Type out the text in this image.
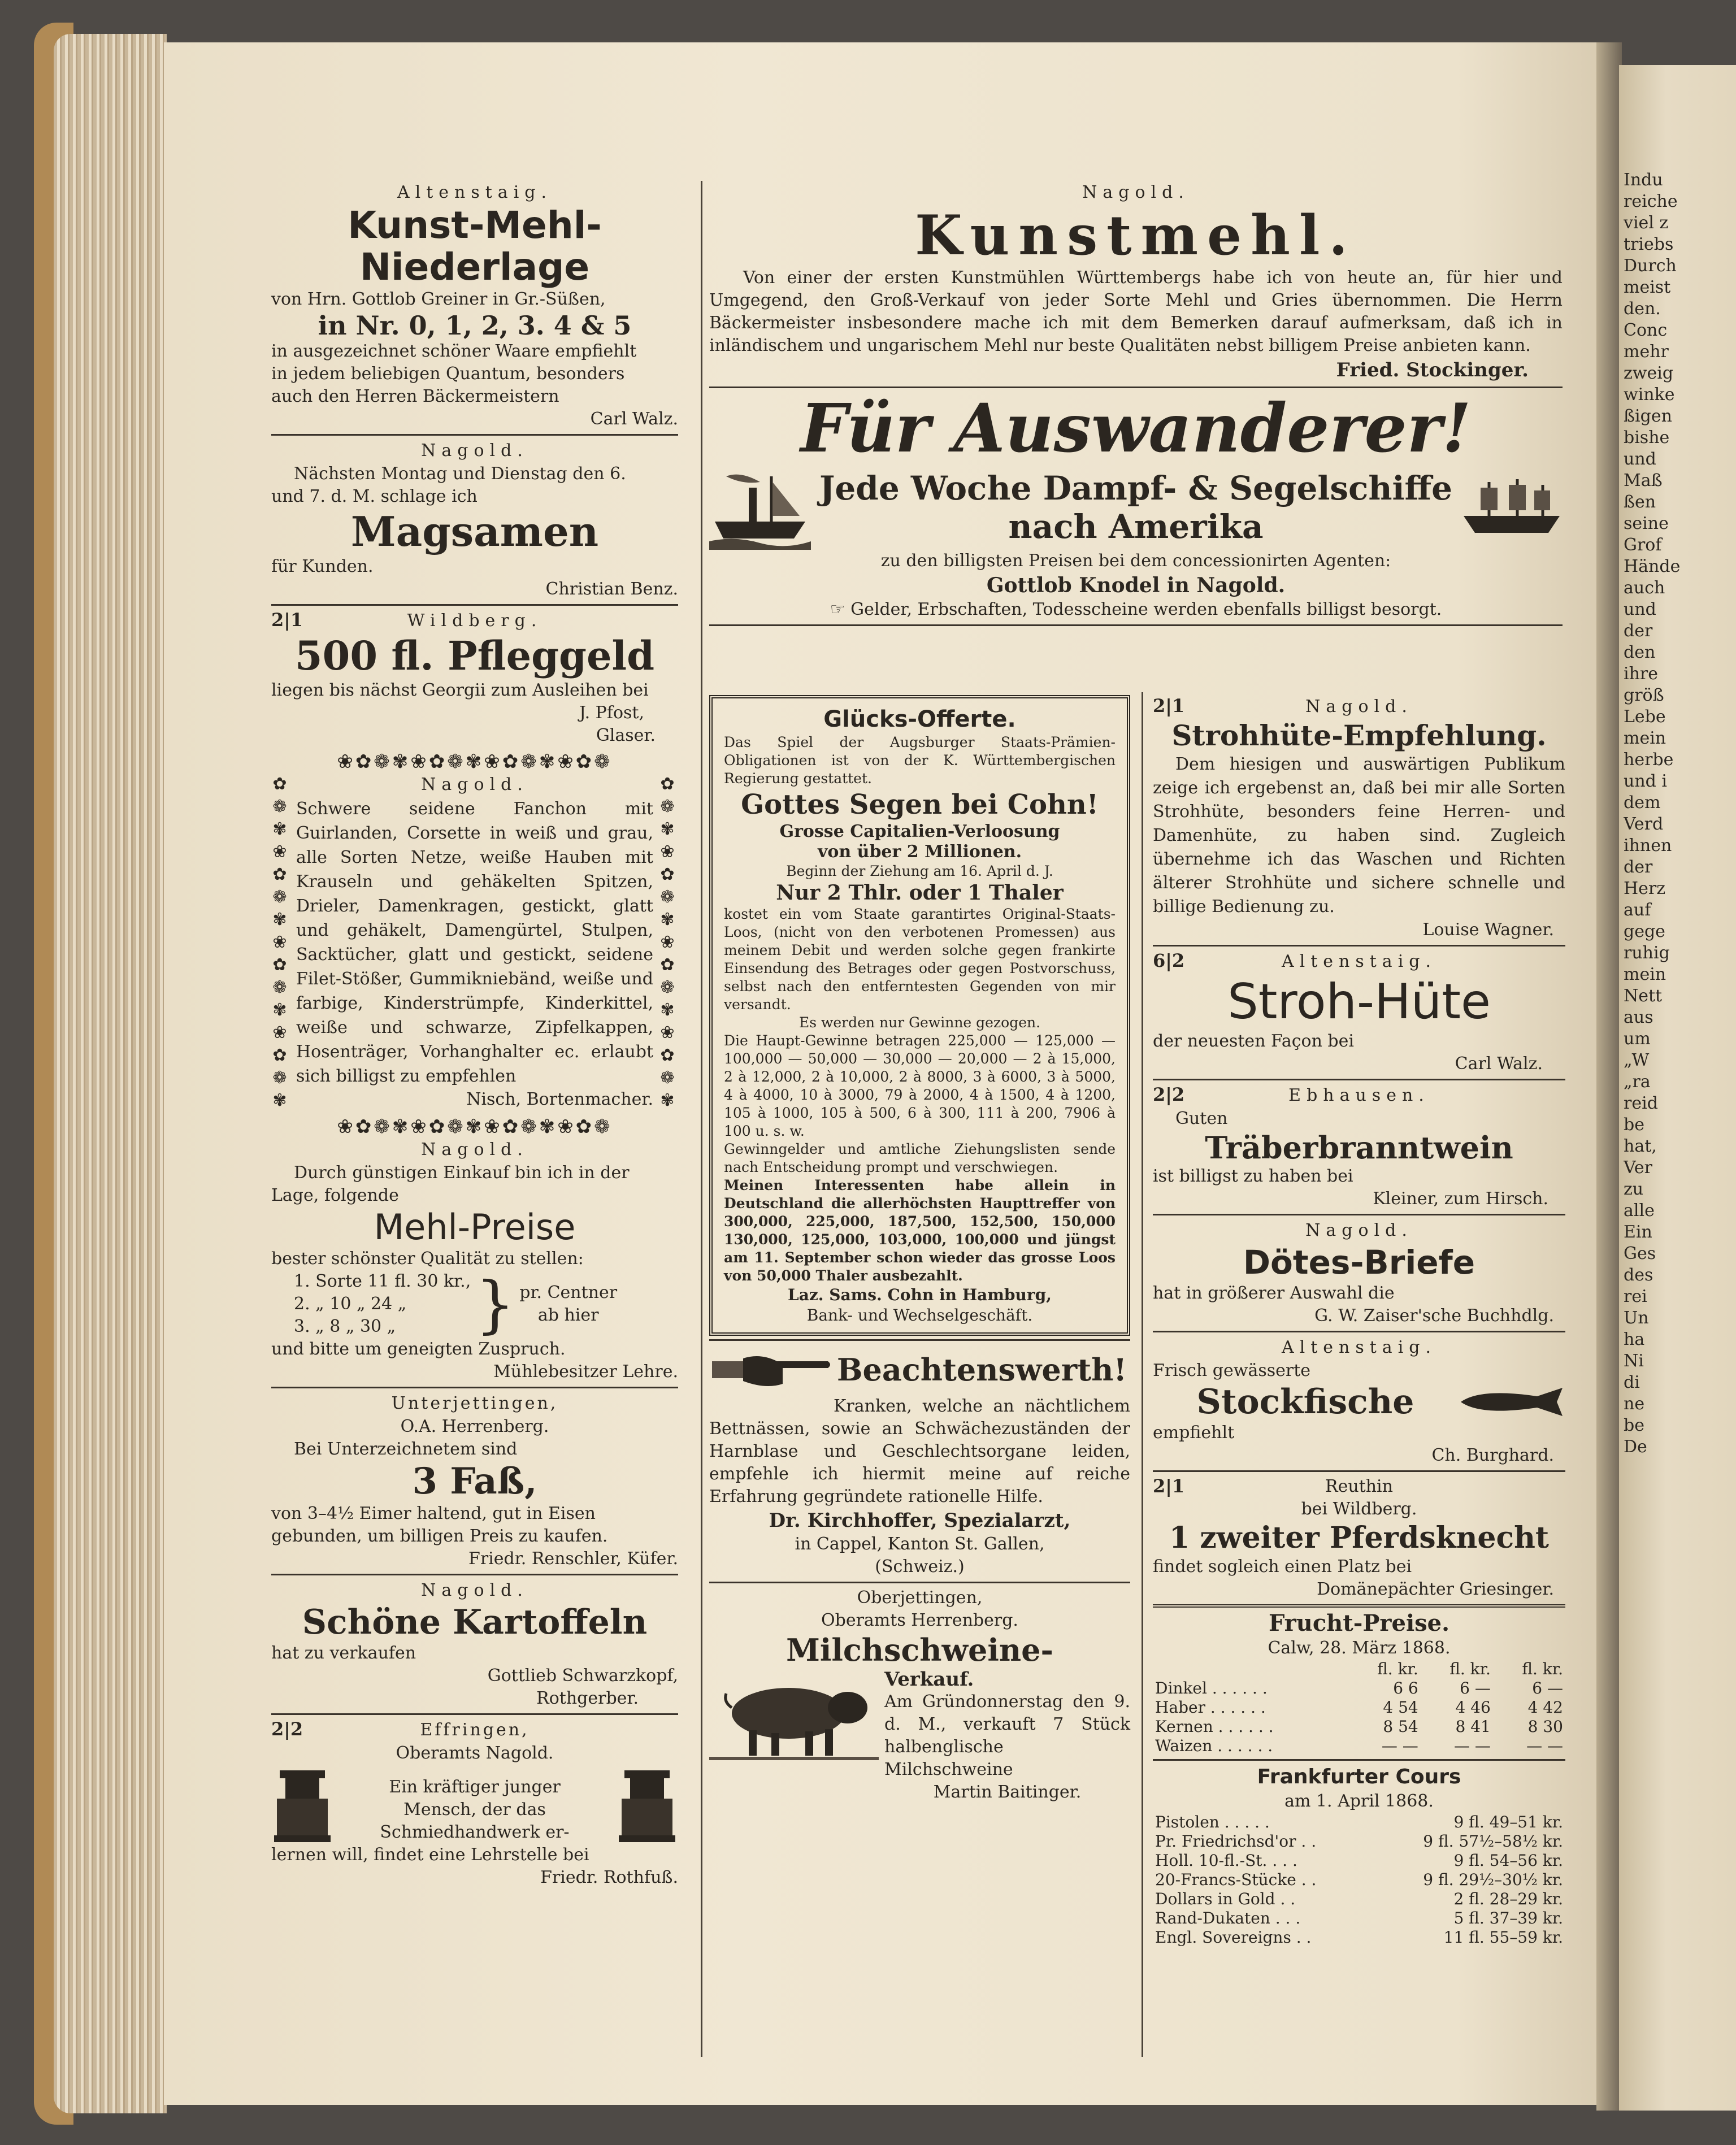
Indu
reiche
viel z
triebs
Durch
meist
den.
Conc
mehr
zweig
winke
ßigen
bishe
und
Maß
ßen
seine
Grof
Hände
auch
und
der
den
ihre
größ
Lebe
mein
herbe
und i
dem
Verd
ihnen
der
Herz
auf
gege
ruhig
mein
Nett
aus
um
„W
„ra
reid
be
hat,
Ver
zu
alle
Ein
Ges
des
rei
Un
ha
Ni
di
ne
be
De
Altenstaig.
Kunst-Mehl-
Niederlage
von Hrn. Gottlob Greiner in Gr.-Süßen,
in Nr. 0, 1, 2, 3. 4 & 5
in ausgezeichnet schöner Waare empfiehlt
in jedem beliebigen Quantum, besonders
auch den Herren Bäckermeistern
Carl Walz.
Nagold.
Nächsten Montag und Dienstag den 6.
und 7. d. M. schlage ich
Magsamen
für Kunden.
Christian Benz.
2|1	Wildberg.
500 fl. Pfleggeld
liegen bis nächst Georgii zum Ausleihen bei
J. Pfost,
Glaser.
❀✿❁✾❀✿❁✾❀✿❁✾❀✿❁
✿
❁
✾
❀
✿
❁
✾
❀
✿
❁
✾
❀
✿
❁
✾
Nagold.
Schwere seidene Fanchon mit Guirlanden, Corsette in weiß und grau, alle Sorten Netze, weiße Hauben mit Krauseln und gehäkelten Spitzen, Drieler, Damenkragen, gestickt, glatt und gehäkelt, Damengürtel, Stulpen, Sacktücher, glatt und gestickt, seidene Filet-Stößer, Gummikniebänd, weiße und farbige, Kinderstrümpfe, Kinderkittel, weiße und schwarze, Zipfelkappen, Hosenträger, Vorhanghalter ec. erlaubt sich billigst zu empfehlen
Nisch, Bortenmacher.
✿
❁
✾
❀
✿
❁
✾
❀
✿
❁
✾
❀
✿
❁
✾
❀✿❁✾❀✿❁✾❀✿❁✾❀✿❁
Nagold.
Durch günstigen Einkauf bin ich in der
Lage, folgende
Mehl-Preise
bester schönster Qualität zu stellen:
1. Sorte 11 fl. 30 kr.,
2. „ 10 „ 24 „
3. „ 8 „ 30 „	} pr. Centner
ab hier
und bitte um geneigten Zuspruch.
Mühlebesitzer Lehre.
Unterjettingen,
O.A. Herrenberg.
Bei Unterzeichnetem sind
3 Faß,
von 3–4½ Eimer haltend, gut in Eisen
gebunden, um billigen Preis zu kaufen.
Friedr. Renschler, Küfer.
Nagold.
Schöne Kartoffeln
hat zu verkaufen
Gottlieb Schwarzkopf,
Rothgerber.
2|2	Effringen,
Oberamts Nagold.
Ein kräftiger junger
Mensch, der das
Schmiedhandwerk er-
lernen will, findet eine Lehrstelle bei
Friedr. Rothfuß.
Nagold.
Kunstmehl.
Von einer der ersten Kunstmühlen Württembergs habe ich von heute an, für hier und Umgegend, den Groß-Verkauf von jeder Sorte Mehl und Gries übernommen. Die Herrn Bäckermeister insbesondere mache ich mit dem Bemerken darauf aufmerksam, daß ich in inländischem und ungarischem Mehl nur beste Qualitäten nebst billigem Preise anbieten kann.
Fried. Stockinger.
Für Auswanderer!
Jede Woche Dampf- & Segelschiffe
nach Amerika
zu den billigsten Preisen bei dem concessionirten Agenten:
Gottlob Knodel in Nagold.
☞ Gelder, Erbschaften, Todesscheine werden ebenfalls billigst besorgt.
Glücks-Offerte.
Das Spiel der Augsburger Staats-Prämien-Obligationen ist von der K. Württembergischen Regierung gestattet.
Gottes Segen bei Cohn!
Grosse Capitalien-Verloosung
von über 2 Millionen.
Beginn der Ziehung am 16. April d. J.
Nur 2 Thlr. oder 1 Thaler
kostet ein vom Staate garantirtes Original-Staats-Loos, (nicht von den verbotenen Promessen) aus meinem Debit und werden solche gegen frankirte Einsendung des Betrages oder gegen Postvorschuss, selbst nach den entferntesten Gegenden von mir versandt.
Es werden nur Gewinne gezogen.
Die Haupt-Gewinne betragen 225,000 — 125,000 — 100,000 — 50,000 — 30,000 — 20,000 — 2 à 15,000, 2 à 12,000, 2 à 10,000, 2 à 8000, 3 à 6000, 3 à 5000, 4 à 4000, 10 à 3000, 79 à 2000, 4 à 1500, 4 à 1200, 105 à 1000, 105 à 500, 6 à 300, 111 à 200, 7906 à 100 u. s. w.
Gewinngelder und amtliche Ziehungslisten sende nach Entscheidung prompt und verschwiegen.
Meinen Interessenten habe allein in Deutschland die allerhöchsten Haupttreffer von 300,000, 225,000, 187,500, 152,500, 150,000 130,000, 125,000, 103,000, 100,000 und jüngst am 11. September schon wieder das grosse Loos von 50,000 Thaler ausbezahlt.
Laz. Sams. Cohn in Hamburg,
Bank- und Wechselgeschäft.
Beachtenswerth!
Kranken, welche an nächtlichem Bettnässen, sowie an Schwächezuständen der Harnblase und Geschlechtsorgane leiden, empfehle ich hiermit meine auf reiche Erfahrung gegründete rationelle Hilfe.
Dr. Kirchhoffer, Spezialarzt,
in Cappel, Kanton St. Gallen,
(Schweiz.)
Oberjettingen,
Oberamts Herrenberg.
Milchschweine-
Verkauf.
Am Gründonnerstag den 9. d. M., verkauft 7 Stück halbenglische Milchschweine
Martin Baitinger.
2|1	Nagold.
Strohhüte-Empfehlung.
Dem hiesigen und auswärtigen Publikum zeige ich ergebenst an, daß bei mir alle Sorten Strohhüte, besonders feine Herren- und Damenhüte, zu haben sind. Zugleich übernehme ich das Waschen und Richten älterer Strohhüte und sichere schnelle und billige Bedienung zu.
Louise Wagner.
6|2	Altenstaig.
Stroh-Hüte
der neuesten Façon bei
Carl Walz.
2|2	Ebhausen.
Guten
Träberbranntwein
ist billigst zu haben bei
Kleiner, zum Hirsch.
Nagold.
Dötes-Briefe
hat in größerer Auswahl die
G. W. Zaiser'sche Buchhdlg.
Altenstaig.
Frisch gewässerte
Stockfische
empfiehlt
Ch. Burghard.
2|1	Reuthin
bei Wildberg.
1 zweiter Pferdsknecht
findet sogleich einen Platz bei
Domänepächter Griesinger.
Frucht-Preise.
Calw, 28. März 1868.
	fl. kr.	fl. kr.	fl. kr.
Dinkel . . . . . .	6 6	6 —	6 —
Haber . . . . . .	4 54	4 46	4 42
Kernen . . . . . .	8 54	8 41	8 30
Waizen . . . . . .	— —	— —	— —
Frankfurter Cours
am 1. April 1868.
Pistolen . . . . .	9 fl. 49–51 kr.
Pr. Friedrichsd'or . .	9 fl. 57½–58½ kr.
Holl. 10-fl.-St. . . .	9 fl. 54–56 kr.
20-Francs-Stücke . .	9 fl. 29½–30½ kr.
Dollars in Gold . .	2 fl. 28–29 kr.
Rand-Dukaten . . .	5 fl. 37–39 kr.
Engl. Sovereigns . .	11 fl. 55–59 kr.
